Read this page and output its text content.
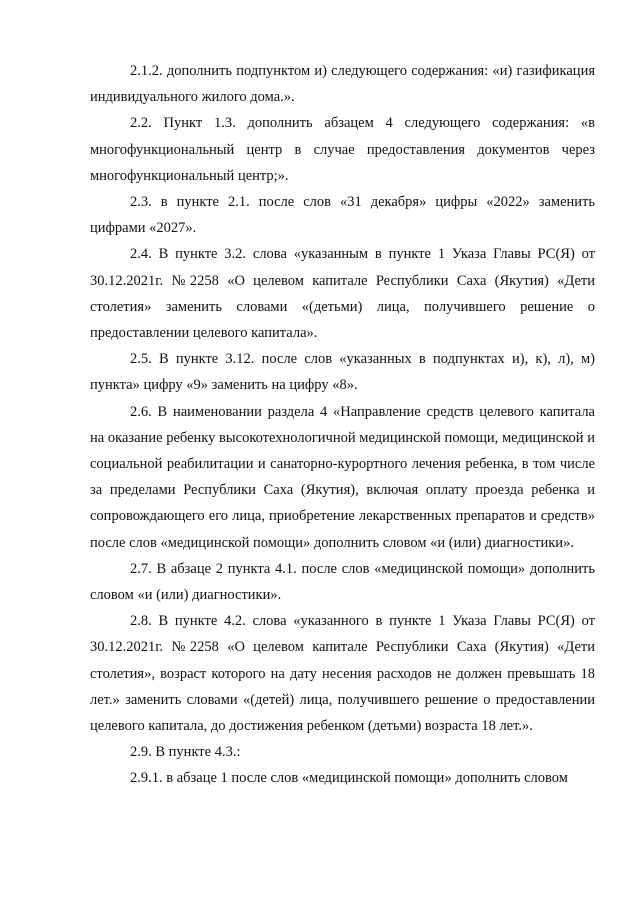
2.1.2. дополнить подпунктом и) следующего содержания: «и) газификация индивидуального жилого дома.».

2.2. Пункт 1.3. дополнить абзацем 4 следующего содержания: «в многофункциональный центр в случае предоставления документов через многофункциональный центр;».

2.3. в пункте 2.1. после слов «31 декабря» цифры «2022» заменить цифрами «2027».

2.4. В пункте 3.2. слова «указанным в пункте 1 Указа Главы РС(Я) от 30.12.2021г. №2258 «О целевом капитале Республики Саха (Якутия) «Дети столетия» заменить словами «(детьми) лица, получившего решение о предоставлении целевого капитала».

2.5. В пункте 3.12. после слов «указанных в подпунктах и), к), л), м) пункта» цифру «9» заменить на цифру «8».

2.6. В наименовании раздела 4 «Направление средств целевого капитала на оказание ребенку высокотехнологичной медицинской помощи, медицинской и социальной реабилитации и санаторно-курортного лечения ребенка, в том числе за пределами Республики Саха (Якутия), включая оплату проезда ребенка и сопровождающего его лица, приобретение лекарственных препаратов и средств» после слов «медицинской помощи» дополнить словом «и (или) диагностики».

2.7. В абзаце 2 пункта 4.1. после слов «медицинской помощи» дополнить словом «и (или) диагностики».

2.8. В пункте 4.2. слова «указанного в пункте 1 Указа Главы РС(Я) от 30.12.2021г. №2258 «О целевом капитале Республики Саха (Якутия) «Дети столетия», возраст которого на дату несения расходов не должен превышать 18 лет.» заменить словами «(детей) лица, получившего решение о предоставлении целевого капитала, до достижения ребенком (детьми) возраста 18 лет.».

2.9. В пункте 4.3.:

2.9.1. в абзаце 1 после слов «медицинской помощи» дополнить словом
